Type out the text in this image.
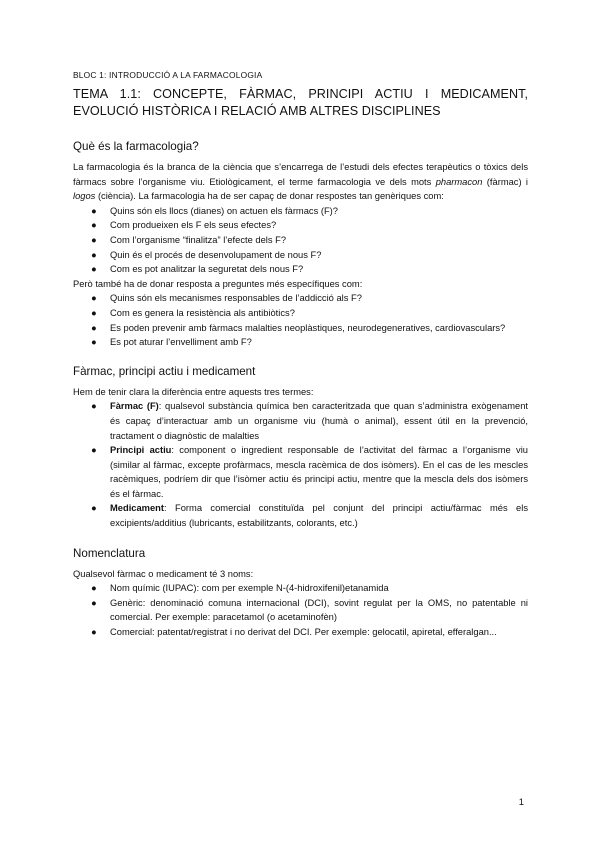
BLOC 1: INTRODUCCIÓ A LA FARMACOLOGIA
TEMA 1.1: CONCEPTE, FÀRMAC, PRINCIPI ACTIU I MEDICAMENT, EVOLUCIÓ HISTÒRICA I RELACIÓ AMB ALTRES DISCIPLINES
Què és la farmacologia?

La farmacologia és la branca de la ciència que s’encarrega de l’estudi dels efectes terapèutics o tòxics dels fàrmacs sobre l’organisme viu. Etiològicament, el terme farmacologia ve dels mots pharmacon (fàrmac) i logos (ciència). La farmacologia ha de ser capaç de donar respostes tan genèriques com:

● Quins són els llocs (dianes) on actuen els fàrmacs (F)?
● Com produeixen els F els seus efectes?
● Com l’organisme “finalitza” l’efecte dels F?
● Quin és el procés de desenvolupament de nous F?
● Com es pot analitzar la seguretat dels nous F?

Però també ha de donar resposta a preguntes més específiques com:

● Quins són els mecanismes responsables de l’addicció als F?
● Com es genera la resistència als antibiòtics?
● Es poden prevenir amb fàrmacs malalties neoplàstiques, neurodegeneratives, cardiovasculars?
● Es pot aturar l’envelliment amb F?
Fàrmac, principi actiu i medicament

Hem de tenir clara la diferència entre aquests tres termes:

● Fàrmac (F): qualsevol substància química ben caracteritzada que quan s’administra exògenament és capaç d’interactuar amb un organisme viu (humà o animal), essent útil en la prevenció, tractament o diagnòstic de malalties
● Principi actiu: component o ingredient responsable de l’activitat del fàrmac a l’organisme viu (similar al fàrmac, excepte profàrmacs, mescla racèmica de dos isòmers). En el cas de les mescles racèmiques, podríem dir que l’isòmer actiu és principi actiu, mentre que la mescla dels dos isòmers és el fàrmac.
● Medicament: Forma comercial constituïda pel conjunt del principi actiu/fàrmac més els excipients/additius (lubricants, estabilitzants, colorants, etc.)
Nomenclatura

Qualsevol fàrmac o medicament té 3 noms:

● Nom químic (IUPAC): com per exemple N-(4-hidroxifenil)etanamida
● Genèric: denominació comuna internacional (DCI), sovint regulat per la OMS, no patentable ni comercial. Per exemple: paracetamol (o acetaminofèn)
● Comercial: patentat/registrat i no derivat del DCI. Per exemple: gelocatil, apiretal, efferalgan...
1
